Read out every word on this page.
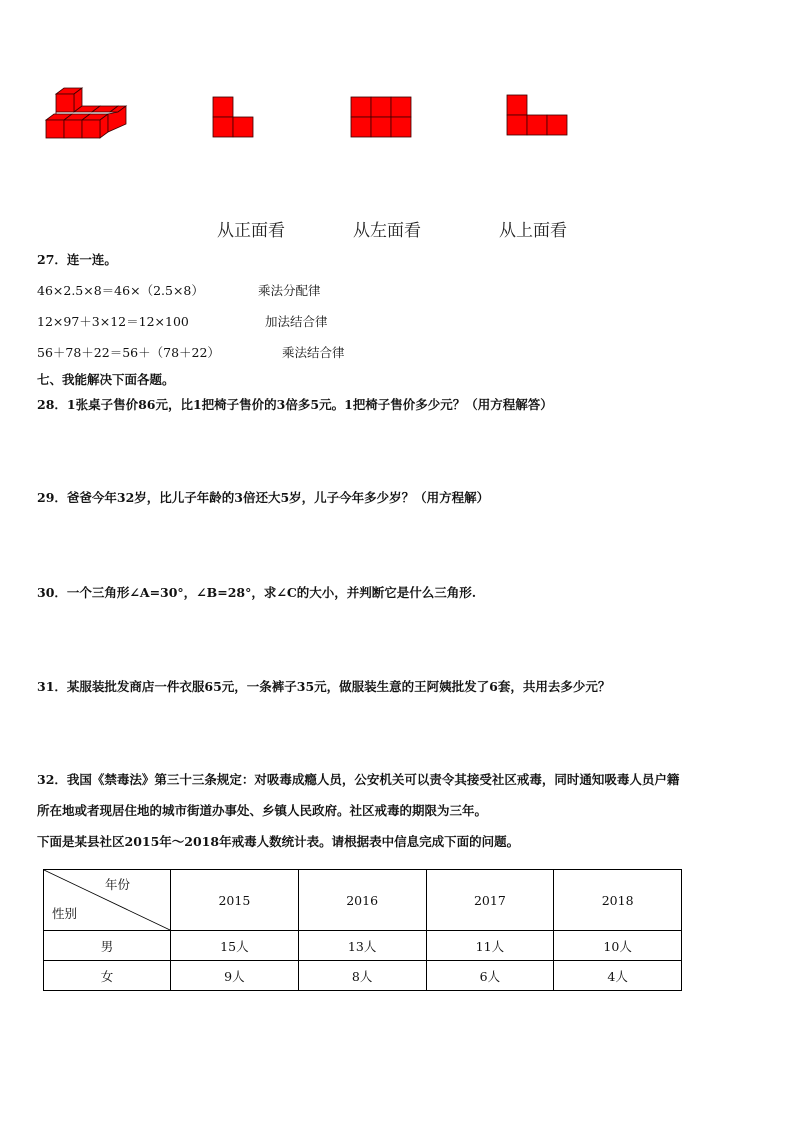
从正面看	从左面看	从上面看
27．连一连。
46×2.5×8＝46×（2.5×8）	乘法分配律
12×97＋3×12＝12×100	加法结合律
56＋78＋22＝56＋（78＋22）	乘法结合律
七、我能解决下面各题。
28．1张桌子售价86元，比1把椅子售价的3倍多5元。1把椅子售价多少元？（用方程解答）
29．爸爸今年32岁，比儿子年龄的3倍还大5岁，儿子今年多少岁？（用方程解）
30．一个三角形∠A=30°，∠B=28°，求∠C的大小，并判断它是什么三角形.
31．某服装批发商店一件衣服65元，一条裤子35元，做服装生意的王阿姨批发了6套，共用去多少元？
32．我国《禁毒法》第三十三条规定：对吸毒成瘾人员，公安机关可以责令其接受社区戒毒，同时通知吸毒人员户籍
所在地或者现居住地的城市街道办事处、乡镇人民政府。社区戒毒的期限为三年。
下面是某县社区2015年～2018年戒毒人数统计表。请根据表中信息完成下面的问题。
年份
性别	2015	2016	2017	2018
男	15人	13人	11人	10人
女	9人	8人	6人	4人
